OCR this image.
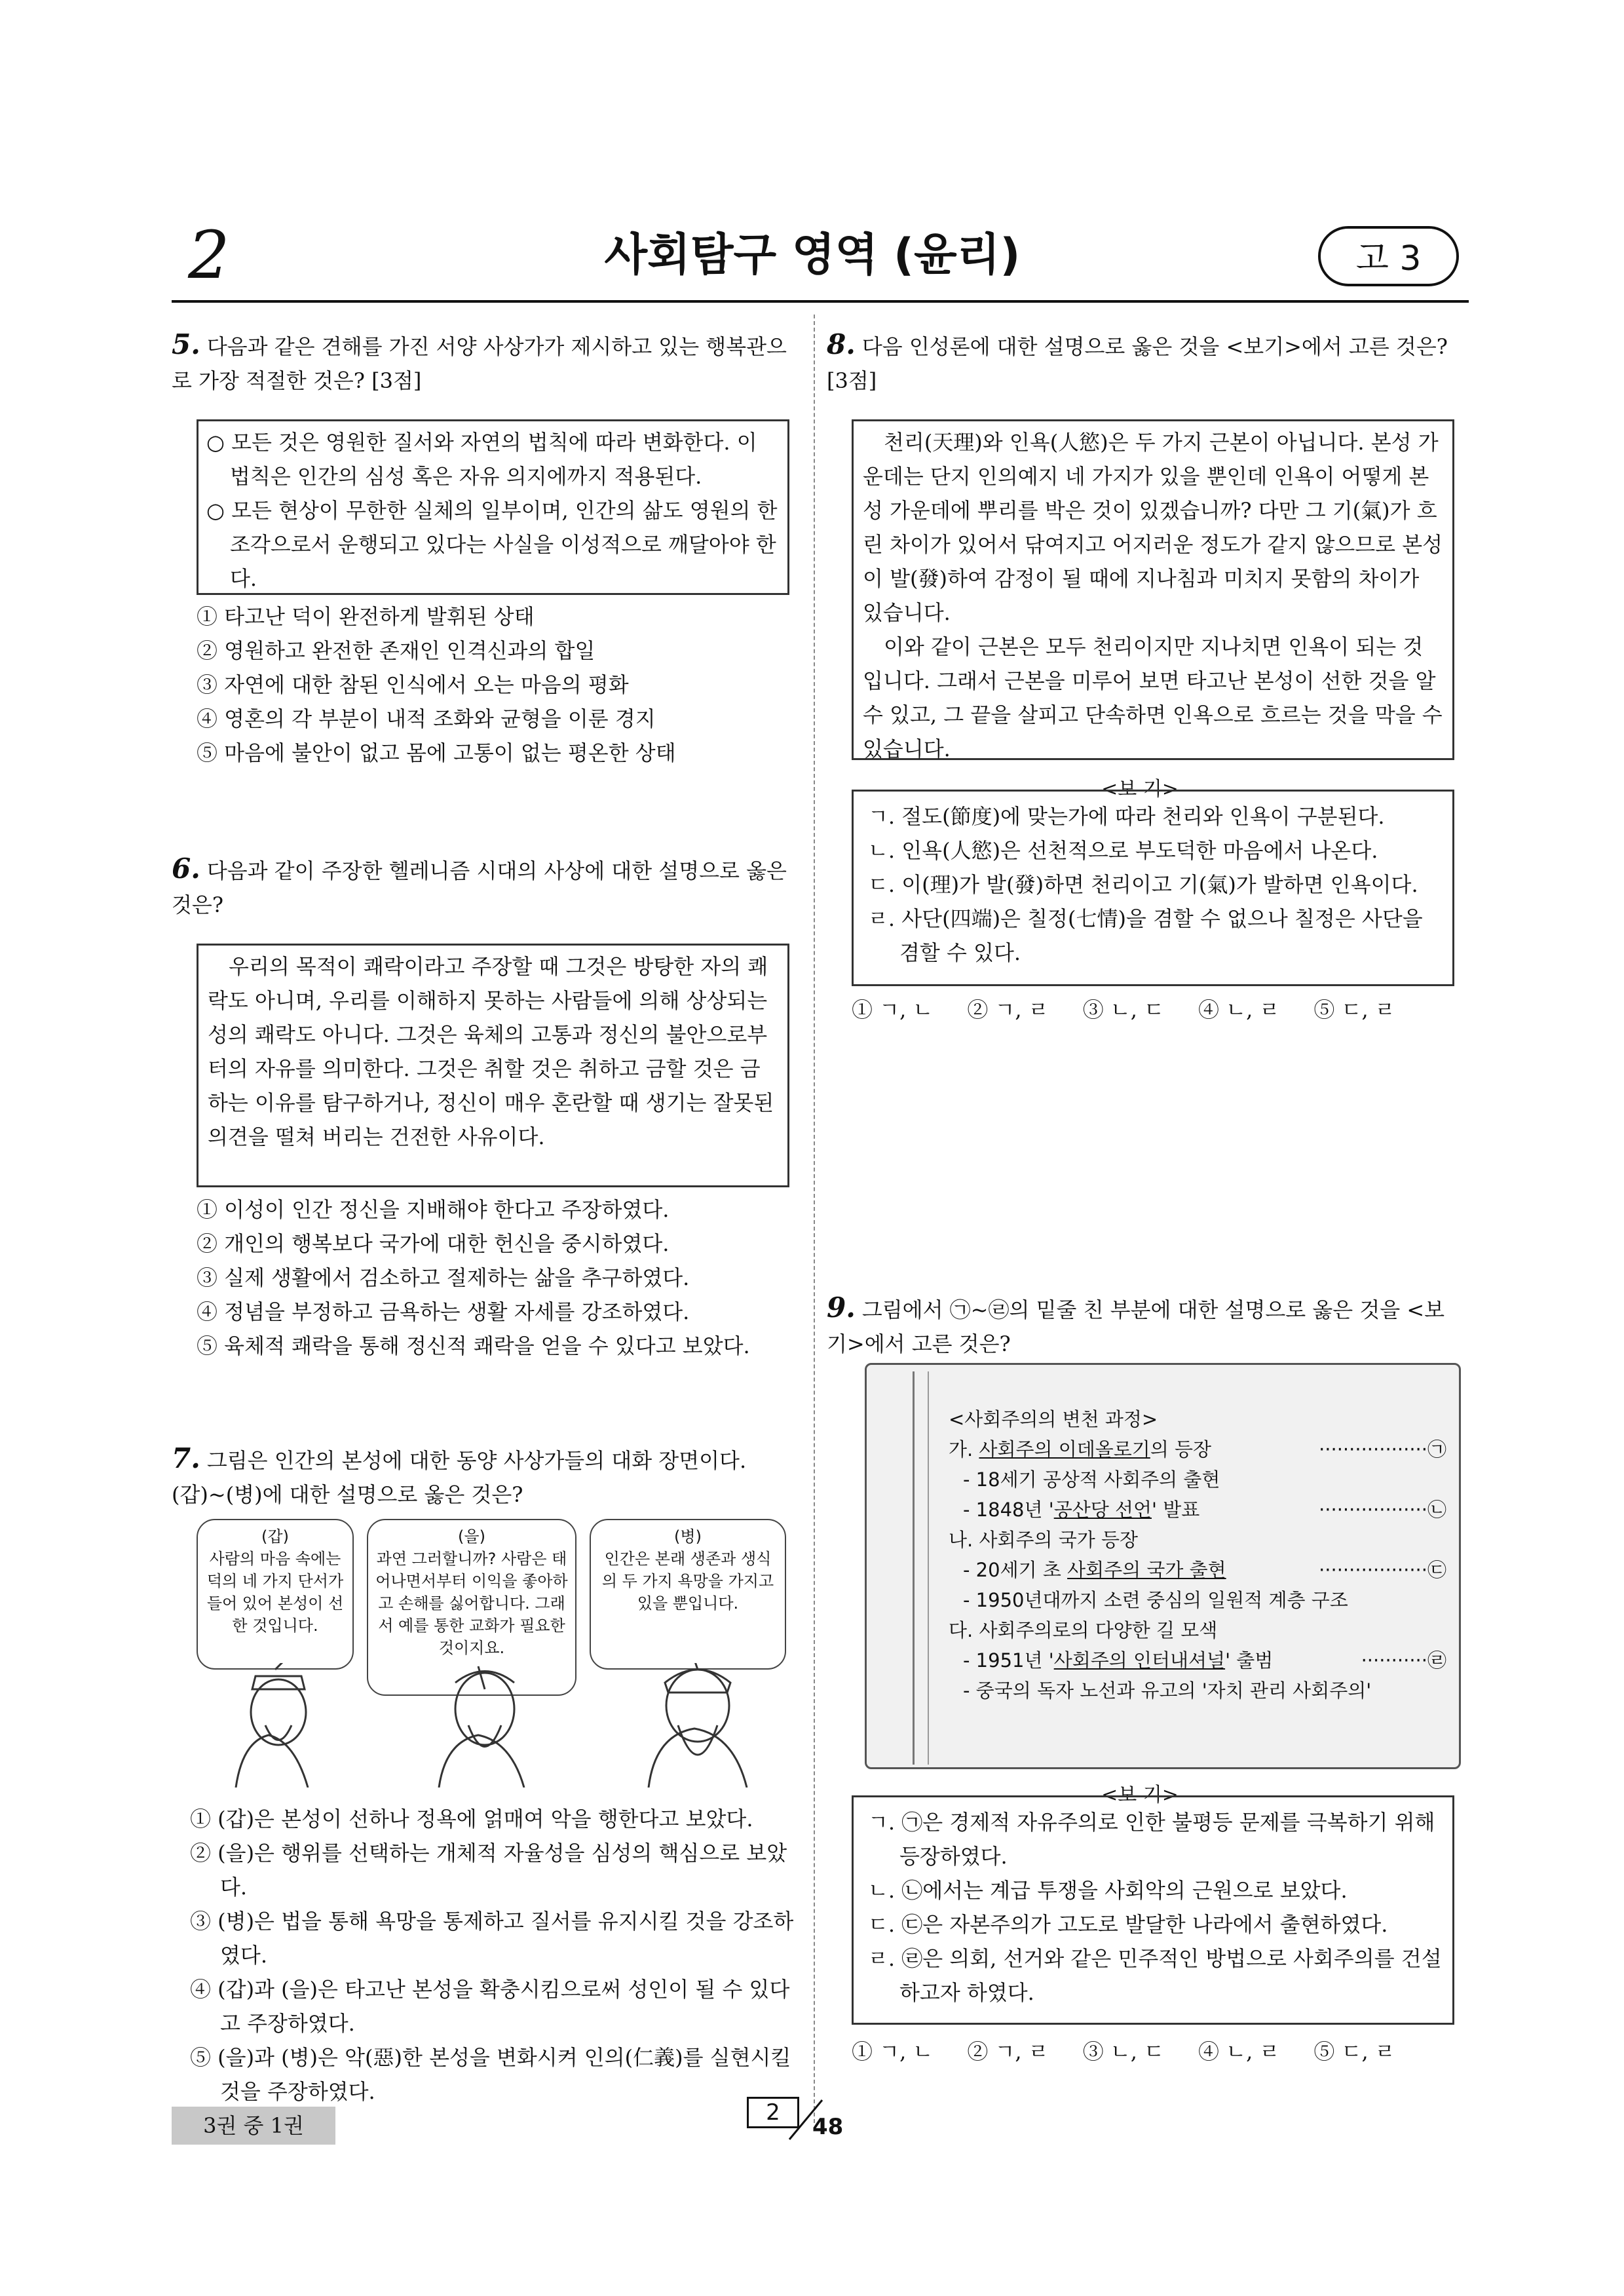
2	사회탐구 영역 (윤리)	고 3
5. 다음과 같은 견해를 가진 서양 사상가가 제시하고 있는 행복관으로 가장 적절한 것은? [3점]
○ 모든 것은 영원한 질서와 자연의 법칙에 따라 변화한다. 이 법칙은 인간의 심성 혹은 자유 의지에까지 적용된다.
○ 모든 현상이 무한한 실체의 일부이며, 인간의 삶도 영원의 한 조각으로서 운행되고 있다는 사실을 이성적으로 깨달아야 한다.
① 타고난 덕이 완전하게 발휘된 상태
② 영원하고 완전한 존재인 인격신과의 합일
③ 자연에 대한 참된 인식에서 오는 마음의 평화
④ 영혼의 각 부분이 내적 조화와 균형을 이룬 경지
⑤ 마음에 불안이 없고 몸에 고통이 없는 평온한 상태
6. 다음과 같이 주장한 헬레니즘 시대의 사상에 대한 설명으로 옳은 것은?
우리의 목적이 쾌락이라고 주장할 때 그것은 방탕한 자의 쾌락도 아니며, 우리를 이해하지 못하는 사람들에 의해 상상되는 성의 쾌락도 아니다. 그것은 육체의 고통과 정신의 불안으로부터의 자유를 의미한다. 그것은 취할 것은 취하고 금할 것은 금하는 이유를 탐구하거나, 정신이 매우 혼란할 때 생기는 잘못된 의견을 떨쳐 버리는 건전한 사유이다.
① 이성이 인간 정신을 지배해야 한다고 주장하였다.
② 개인의 행복보다 국가에 대한 헌신을 중시하였다.
③ 실제 생활에서 검소하고 절제하는 삶을 추구하였다.
④ 정념을 부정하고 금욕하는 생활 자세를 강조하였다.
⑤ 육체적 쾌락을 통해 정신적 쾌락을 얻을 수 있다고 보았다.
7. 그림은 인간의 본성에 대한 동양 사상가들의 대화 장면이다. (갑)~(병)에 대한 설명으로 옳은 것은?
(갑)
사람의 마음 속에는 덕의 네 가지 단서가 들어 있어 본성이 선한 것입니다.
(을)
과연 그러할니까? 사람은 태어나면서부터 이익을 좋아하고 손해를 싫어합니다. 그래서 예를 통한 교화가 필요한 것이지요.
(병)
인간은 본래 생존과 생식의 두 가지 욕망을 가지고 있을 뿐입니다.
① (갑)은 본성이 선하나 정욕에 얽매여 악을 행한다고 보았다.
② (을)은 행위를 선택하는 개체적 자율성을 심성의 핵심으로 보았다.
③ (병)은 법을 통해 욕망을 통제하고 질서를 유지시킬 것을 강조하였다.
④ (갑)과 (을)은 타고난 본성을 확충시킴으로써 성인이 될 수 있다고 주장하였다.
⑤ (을)과 (병)은 악(惡)한 본성을 변화시켜 인의(仁義)를 실현시킬 것을 주장하였다.
8. 다음 인성론에 대한 설명으로 옳은 것을 <보기>에서 고른 것은? [3점]
천리(天理)와 인욕(人慾)은 두 가지 근본이 아닙니다. 본성 가운데는 단지 인의예지 네 가지가 있을 뿐인데 인욕이 어떻게 본성 가운데에 뿌리를 박은 것이 있겠습니까? 다만 그 기(氣)가 흐린 차이가 있어서 닦여지고 어지러운 정도가 같지 않으므로 본성이 발(發)하여 감정이 될 때에 지나침과 미치지 못함의 차이가 있습니다.
이와 같이 근본은 모두 천리이지만 지나치면 인욕이 되는 것입니다. 그래서 근본을 미루어 보면 타고난 본성이 선한 것을 알 수 있고, 그 끝을 살피고 단속하면 인욕으로 흐르는 것을 막을 수 있습니다.
<보 기>
ㄱ. 절도(節度)에 맞는가에 따라 천리와 인욕이 구분된다.
ㄴ. 인욕(人慾)은 선천적으로 부도덕한 마음에서 나온다.
ㄷ. 이(理)가 발(發)하면 천리이고 기(氣)가 발하면 인욕이다.
ㄹ. 사단(四端)은 칠정(七情)을 겸할 수 없으나 칠정은 사단을 겸할 수 있다.
① ㄱ, ㄴ ② ㄱ, ㄹ ③ ㄴ, ㄷ ④ ㄴ, ㄹ ⑤ ㄷ, ㄹ
9. 그림에서 ㉠~㉣의 밑줄 친 부분에 대한 설명으로 옳은 것을 <보기>에서 고른 것은?
<사회주의의 변천 과정>
가. 사회주의 이데올로기의 등장	··················㉠
- 18세기 공상적 사회주의 출현
- 1848년 '공산당 선언' 발표	··················㉡
나. 사회주의 국가 등장
- 20세기 초 사회주의 국가 출현	··················㉢
- 1950년대까지 소련 중심의 일원적 계층 구조
다. 사회주의로의 다양한 길 모색
- 1951년 '사회주의 인터내셔널' 출범	···········㉣
- 중국의 독자 노선과 유고의 '자치 관리 사회주의'
<보 기>
ㄱ. ㉠은 경제적 자유주의로 인한 불평등 문제를 극복하기 위해 등장하였다.
ㄴ. ㉡에서는 계급 투쟁을 사회악의 근원으로 보았다.
ㄷ. ㉢은 자본주의가 고도로 발달한 나라에서 출현하였다.
ㄹ. ㉣은 의회, 선거와 같은 민주적인 방법으로 사회주의를 건설하고자 하였다.
① ㄱ, ㄴ ② ㄱ, ㄹ ③ ㄴ, ㄷ ④ ㄴ, ㄹ ⑤ ㄷ, ㄹ
3권 중 1권	2
48
